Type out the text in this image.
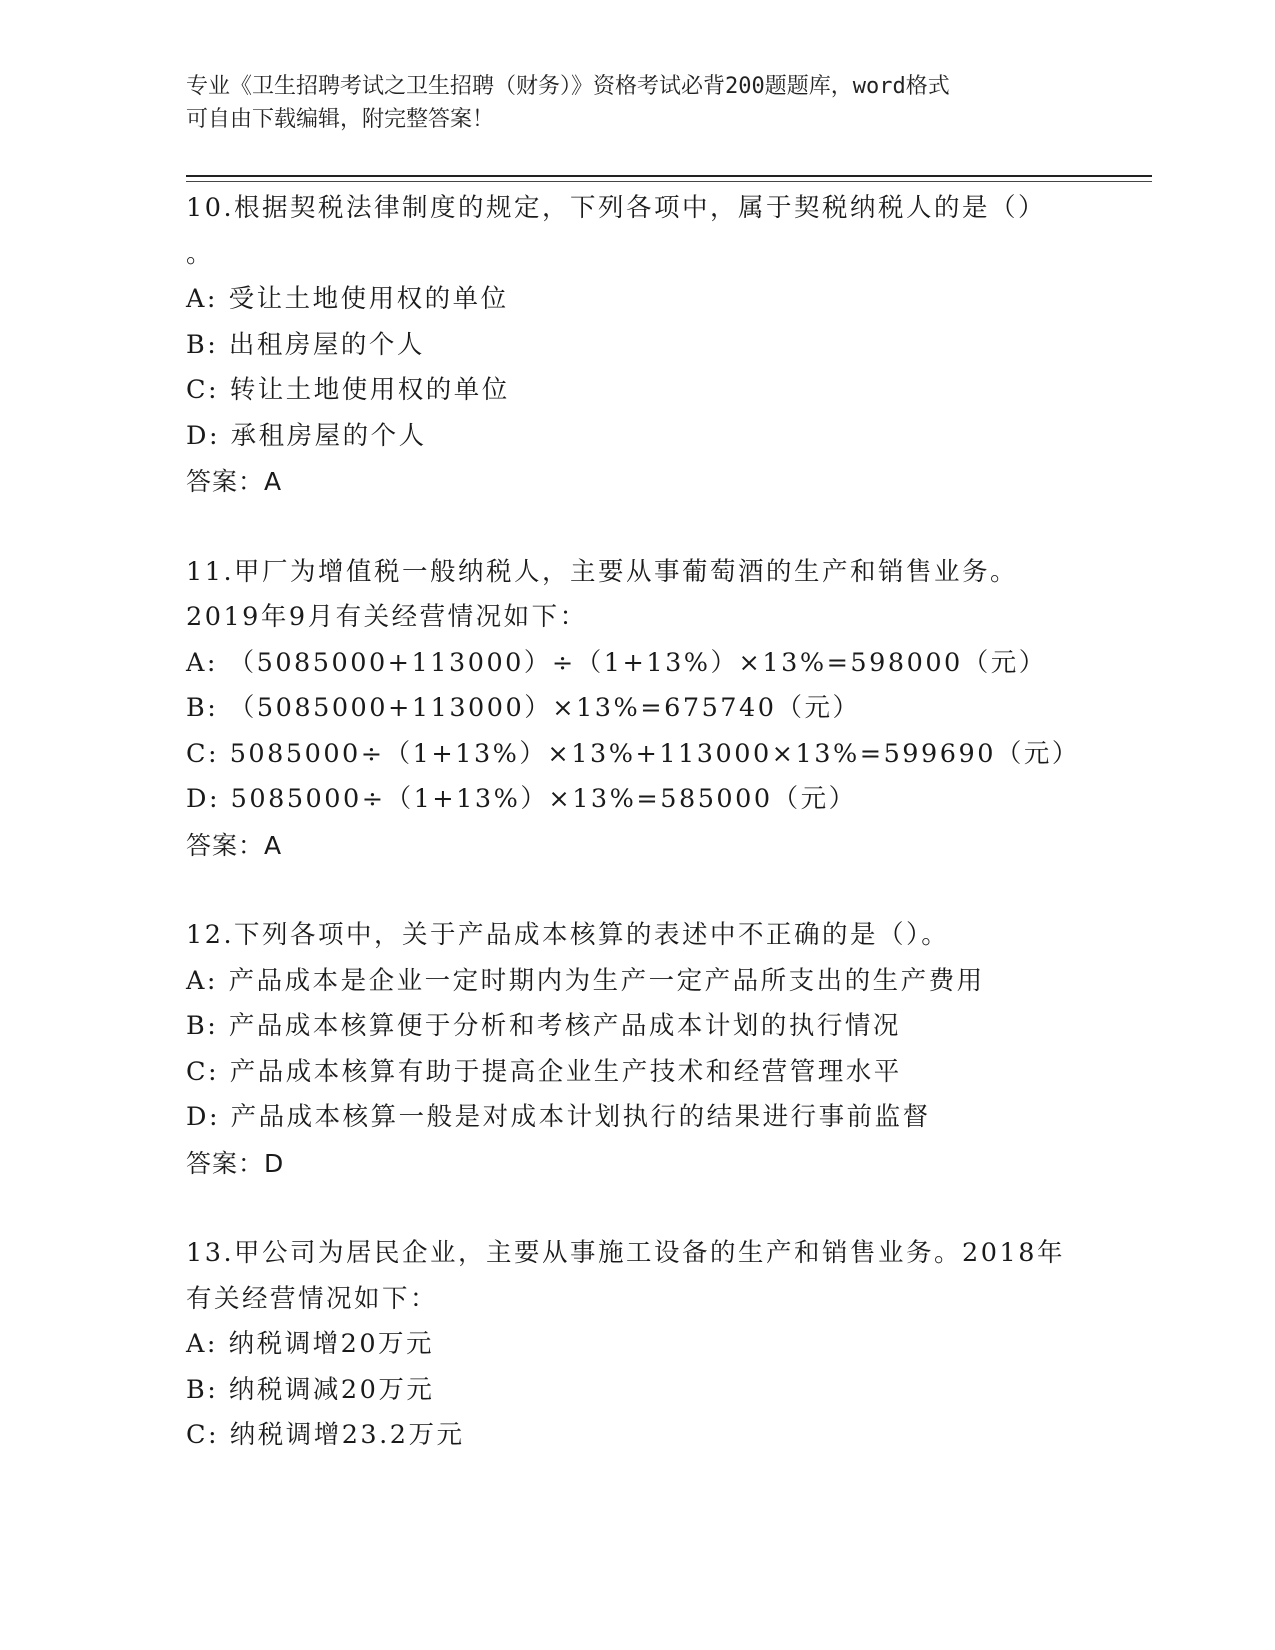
专业《卫生招聘考试之卫生招聘（财务）》资格考试必背200题题库，word格式
可自由下载编辑，附完整答案！
10.根据契税法律制度的规定，下列各项中，属于契税纳税人的是（）
。
A: 受让土地使用权的单位
B: 出租房屋的个人
C: 转让土地使用权的单位
D: 承租房屋的个人
答案：A
11.甲厂为增值税一般纳税人，主要从事葡萄酒的生产和销售业务。
2019年9月有关经营情况如下：
A: （5085000+113000）÷（1+13%）×13%=598000（元）
B: （5085000+113000）×13%=675740（元）
C: 5085000÷（1+13%）×13%+113000×13%=599690（元）
D: 5085000÷（1+13%）×13%=585000（元）
答案：A
12.下列各项中，关于产品成本核算的表述中不正确的是（）。
A: 产品成本是企业一定时期内为生产一定产品所支出的生产费用
B: 产品成本核算便于分析和考核产品成本计划的执行情况
C: 产品成本核算有助于提高企业生产技术和经营管理水平
D: 产品成本核算一般是对成本计划执行的结果进行事前监督
答案：D
13.甲公司为居民企业，主要从事施工设备的生产和销售业务。2018年
有关经营情况如下：
A: 纳税调增20万元
B: 纳税调减20万元
C: 纳税调增23.2万元
